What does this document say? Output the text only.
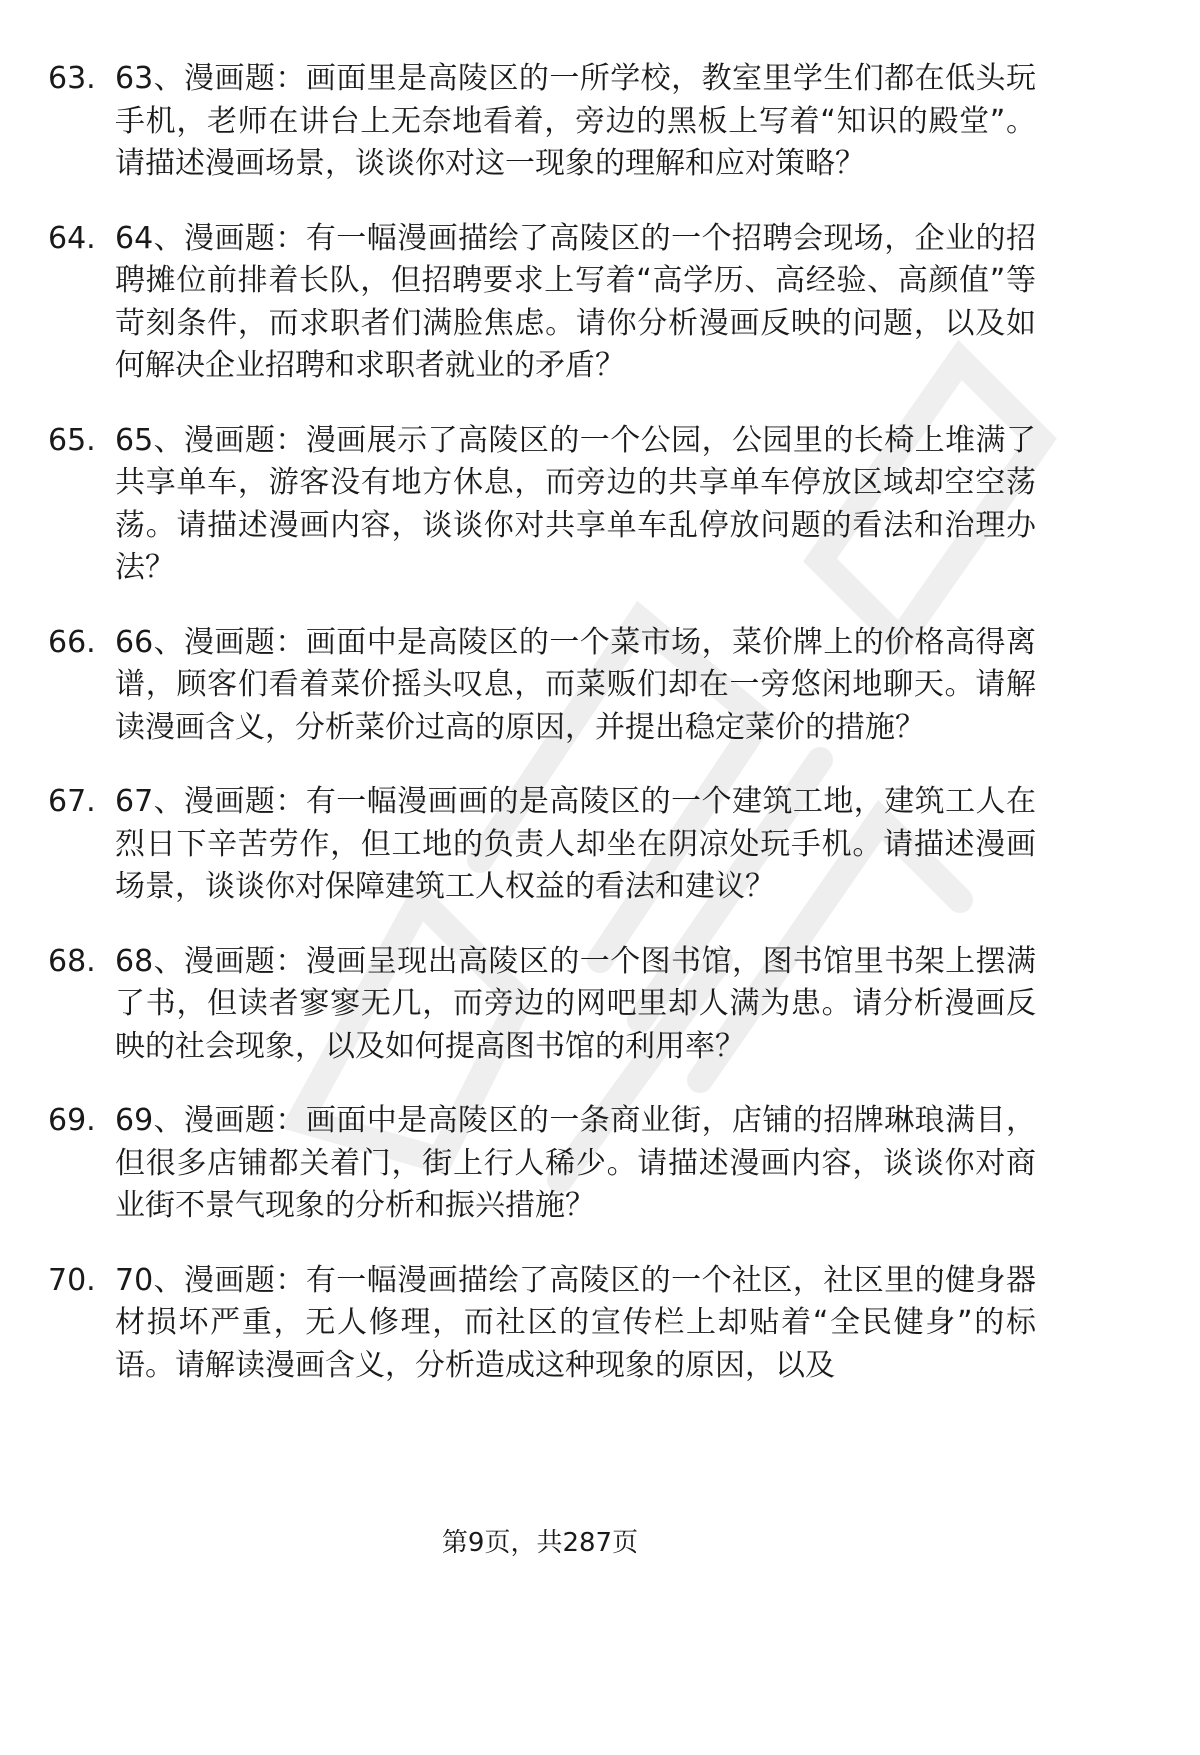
63. 63、漫画题：画面里是高陵区的一所学校，教室里学生们都在低头玩手机，老师在讲台上无奈地看着，旁边的黑板上写着“知识的殿堂”。请描述漫画场景，谈谈你对这一现象的理解和应对策略？
64. 64、漫画题：有一幅漫画描绘了高陵区的一个招聘会现场，企业的招聘摊位前排着长队，但招聘要求上写着“高学历、高经验、高颜值”等苛刻条件，而求职者们满脸焦虑。请你分析漫画反映的问题，以及如何解决企业招聘和求职者就业的矛盾？
65. 65、漫画题：漫画展示了高陵区的一个公园，公园里的长椅上堆满了共享单车，游客没有地方休息，而旁边的共享单车停放区域却空空荡荡。请描述漫画内容，谈谈你对共享单车乱停放问题的看法和治理办法？
66. 66、漫画题：画面中是高陵区的一个菜市场，菜价牌上的价格高得离谱，顾客们看着菜价摇头叹息，而菜贩们却在一旁悠闲地聊天。请解读漫画含义，分析菜价过高的原因，并提出稳定菜价的措施？
67. 67、漫画题：有一幅漫画画的是高陵区的一个建筑工地，建筑工人在烈日下辛苦劳作，但工地的负责人却坐在阴凉处玩手机。请描述漫画场景，谈谈你对保障建筑工人权益的看法和建议？
68. 68、漫画题：漫画呈现出高陵区的一个图书馆，图书馆里书架上摆满了书，但读者寥寥无几，而旁边的网吧里却人满为患。请分析漫画反映的社会现象，以及如何提高图书馆的利用率？
69. 69、漫画题：画面中是高陵区的一条商业街，店铺的招牌琳琅满目，但很多店铺都关着门，街上行人稀少。请描述漫画内容，谈谈你对商业街不景气现象的分析和振兴措施？
70. 70、漫画题：有一幅漫画描绘了高陵区的一个社区，社区里的健身器材损坏严重，无人修理，而社区的宣传栏上却贴着“全民健身”的标语。请解读漫画含义，分析造成这种现象的原因，以及
第9页，共287页
